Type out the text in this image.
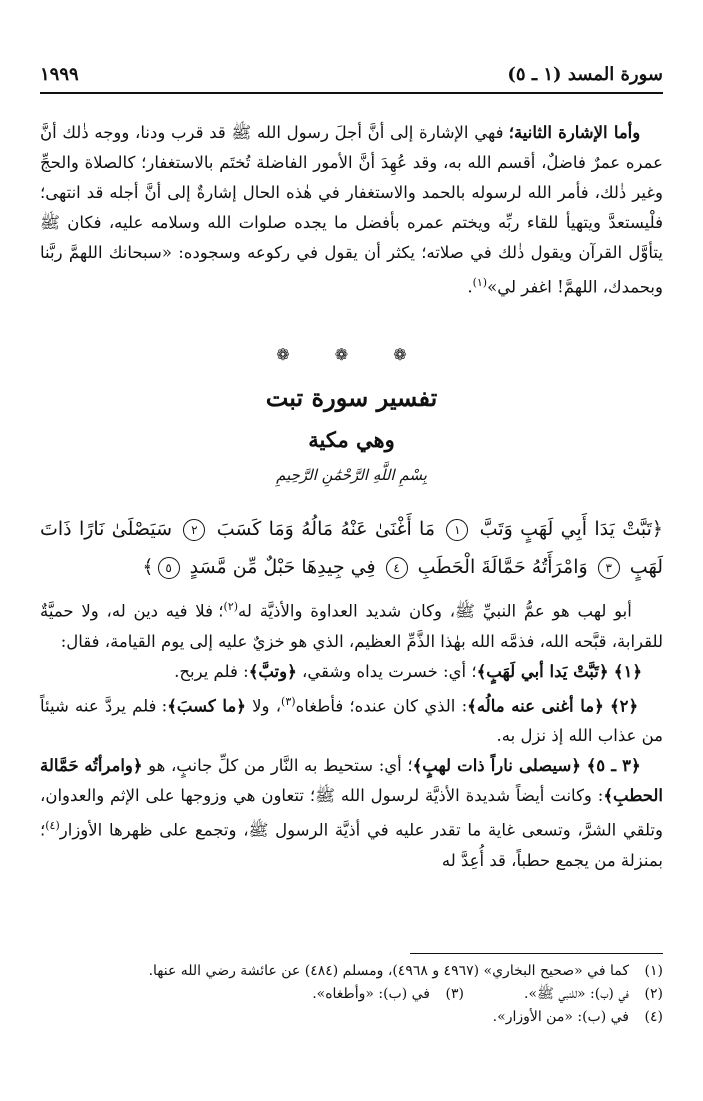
سورة المسد (١ ـ ٥)
١٩٩٩

وأما الإشارة الثانية؛ فهي الإشارة إلى أنَّ أجلَ رسول الله ﷺ قد قرب ودنا، ووجه ذٰلك أنَّ عمره عمرٌ فاضلٌ، أقسم الله به، وقد عُهِدَ أنَّ الأمور الفاضلة تُختَم بالاستغفار؛ كالصلاة والحجِّ وغير ذٰلك، فأمر الله لرسوله بالحمد والاستغفار في هٰذه الحال إشارةٌ إلى أنَّ أجله قد انتهى؛ فلْيستعدَّ ويتهيأ للقاء ربِّه ويختم عمره بأفضل ما يجده صلوات الله وسلامه عليه، فكان ﷺ يتأوَّل القرآن ويقول ذٰلك في صلاته؛ يكثر أن يقول في ركوعه وسجوده: «سبحانك اللهمَّ ربَّنا وبحمدك، اللهمَّ! اغفر لي»$^{(١)}$.

❁ ❁ ❁
تفسير سورة تبت
وهي مكية
بِسْمِ اللَّهِ الرَّحْمَٰنِ الرَّحِيمِ
﴿تَبَّتْ يَدَا أَبِي لَهَبٍ وَتَبَّ ١ مَا أَغْنَىٰ عَنْهُ مَالُهُ وَمَا كَسَبَ ٢ سَيَصْلَىٰ نَارًا ذَاتَ لَهَبٍ ٣ وَامْرَأَتُهُ حَمَّالَةَ الْحَطَبِ ٤ فِي جِيدِهَا حَبْلٌ مِّن مَّسَدٍ ٥﴾

أبو لهب هو عمُّ النبيِّ ﷺ، وكان شديد العداوة والأذيَّة له$^{(٢)}$؛ فلا فيه دين له، ولا حميَّةٌ للقرابة، قبَّحه الله، فذمَّه الله بهٰذا الذَّمِّ العظيم، الذي هو خزيٌ عليه إلى يوم القيامة، فقال:

﴿١﴾ ﴿تَبَّتْ يَدا أبي لَهَبٍ﴾؛ أي: خسرت يداه وشقي، ﴿وتبَّ﴾: فلم يربح.

﴿٢﴾ ﴿ما أغنى عنه مالُه﴾: الذي كان عنده؛ فأطغاه$^{(٣)}$، ولا ﴿ما كسبَ﴾: فلم يردَّ عنه شيئاً من عذاب الله إذ نزل به.

﴿٣ ـ ٥﴾ ﴿سيصلى ناراً ذات لهبٍ﴾؛ أي: ستحيط به النَّار من كلِّ جانبٍ، هو ﴿وامرأتُه حَمَّالة الحطبِ﴾: وكانت أيضاً شديدة الأذيَّة لرسول الله ﷺ؛ تتعاون هي وزوجها على الإثم والعدوان، وتلقي الشرَّ، وتسعى غاية ما تقدر عليه في أذيَّة الرسول ﷺ، وتجمع على ظهرها الأوزار$^{(٤)}$؛ بمنزلة من يجمع حطباً، قد أُعِدَّ له

(١)
كما في «صحيح البخاري» (٤٩٦٧ و ٤٩٦٨)، ومسلم (٤٨٤) عن عائشة رضي الله عنها.
(٢)
في (ب): «للنبي ﷺ».
(٣)
في (ب): «وأطغاه».
(٤)
في (ب): «من الأوزار».
